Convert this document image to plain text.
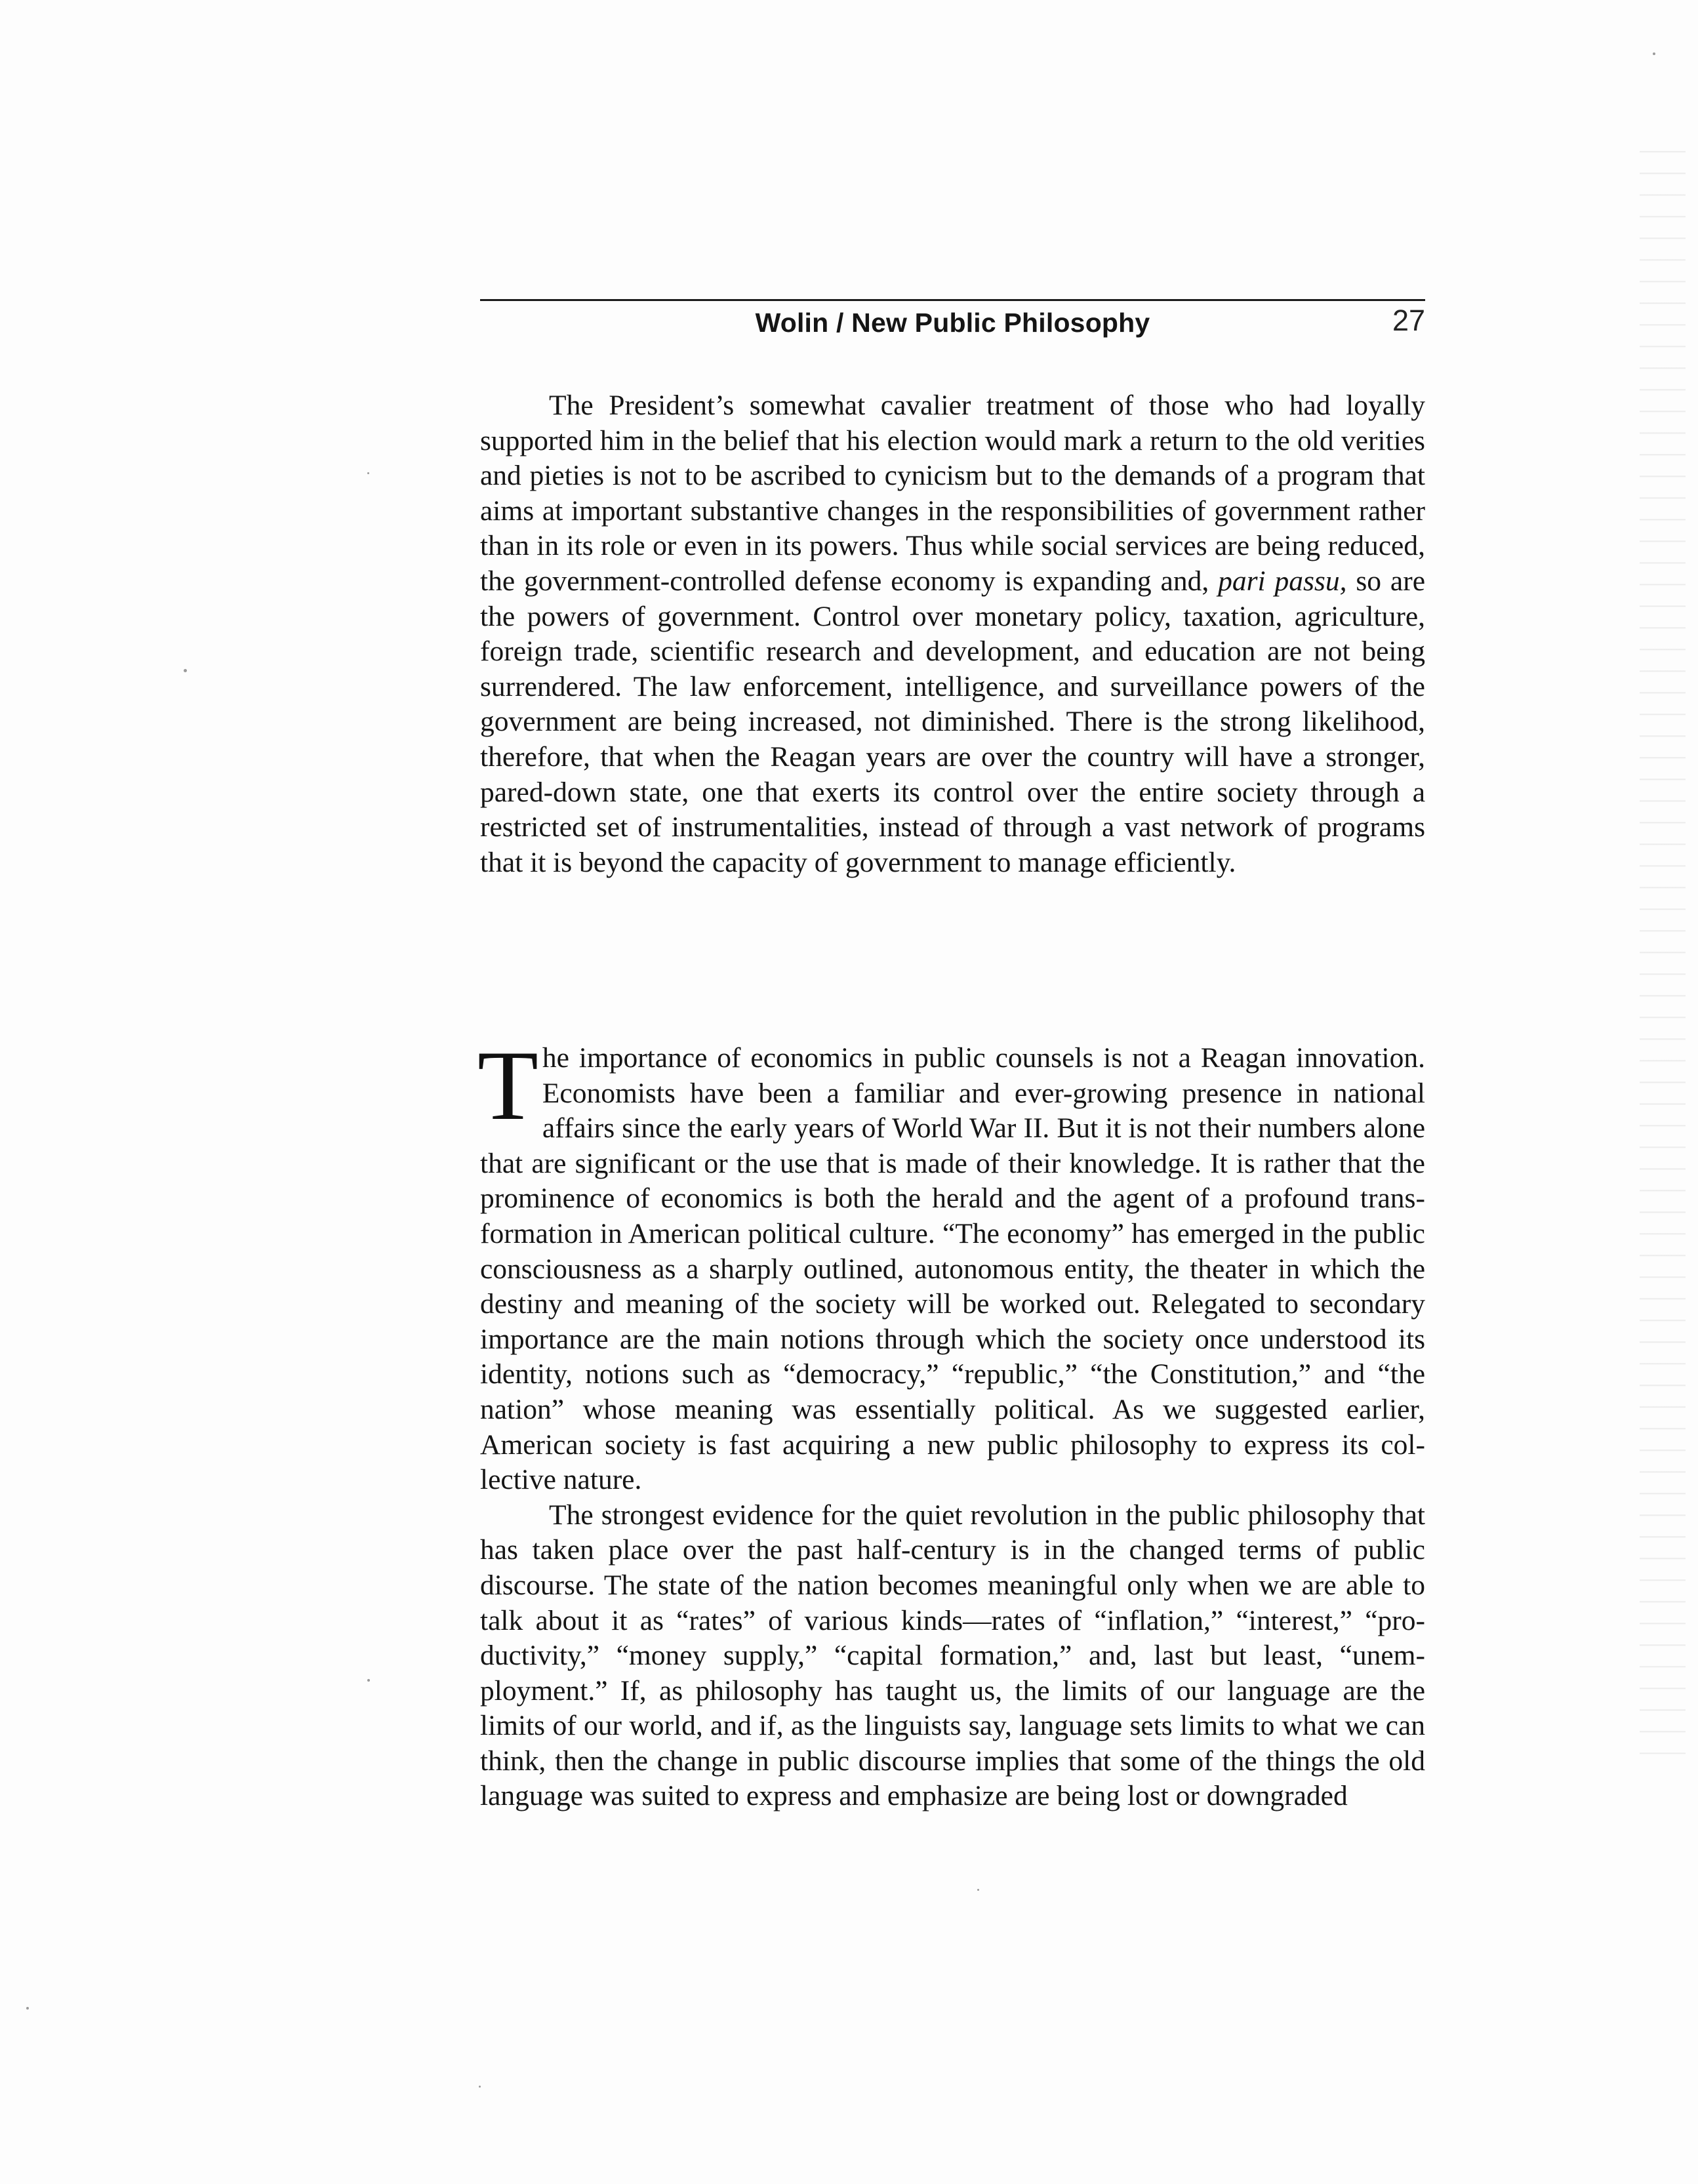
Wolin / New Public Philosophy	27

The President’s somewhat cavalier treatment of those who had loyally supported him in the belief that his election would mark a return to the old verities and pieties is not to be ascribed to cynicism but to the demands of a program that aims at important substantive changes in the responsibilities of government rather than in its role or even in its powers. Thus while social services are being reduced, the government-controlled defense economy is expanding and, pari passu, so are the powers of government. Control over monetary policy, taxation, agriculture, foreign trade, scientific research and development, and education are not being surrendered. The law enforcement, intelligence, and surveillance powers of the government are being increased, not diminished. There is the strong likelihood, therefore, that when the Reagan years are over the country will have a stronger, pared-down state, one that exerts its control over the entire society through a restricted set of instrumentalities, instead of through a vast network of programs that it is beyond the capacity of government to manage efficiently.

The importance of economics in public counsels is not a Reagan innovation. Economists have been a familiar and ever-growing presence in national affairs since the early years of World War II. But it is not their numbers alone that are significant or the use that is made of their knowledge. It is rather that the prominence of economics is both the herald and the agent of a profound transformation in American political culture. “The economy” has emerged in the public consciousness as a sharply outlined, autonomous entity, the theater in which the destiny and meaning of the society will be worked out. Relegated to secondary importance are the main notions through which the society once understood its identity, notions such as “democracy,” “republic,” “the Constitution,” and “the nation” whose meaning was essentially political. As we suggested earlier, American society is fast acquiring a new public philosophy to express its collective nature.

The strongest evidence for the quiet revolution in the public philosophy that has taken place over the past half-century is in the changed terms of public discourse. The state of the nation becomes meaningful only when we are able to talk about it as “rates” of various kinds—rates of “inflation,” “interest,” “productivity,” “money supply,” “capital formation,” and, last but least, “unemployment.” If, as philosophy has taught us, the limits of our language are the limits of our world, and if, as the linguists say, language sets limits to what we can think, then the change in public discourse implies that some of the things the old language was suited to express and emphasize are being lost or downgraded
